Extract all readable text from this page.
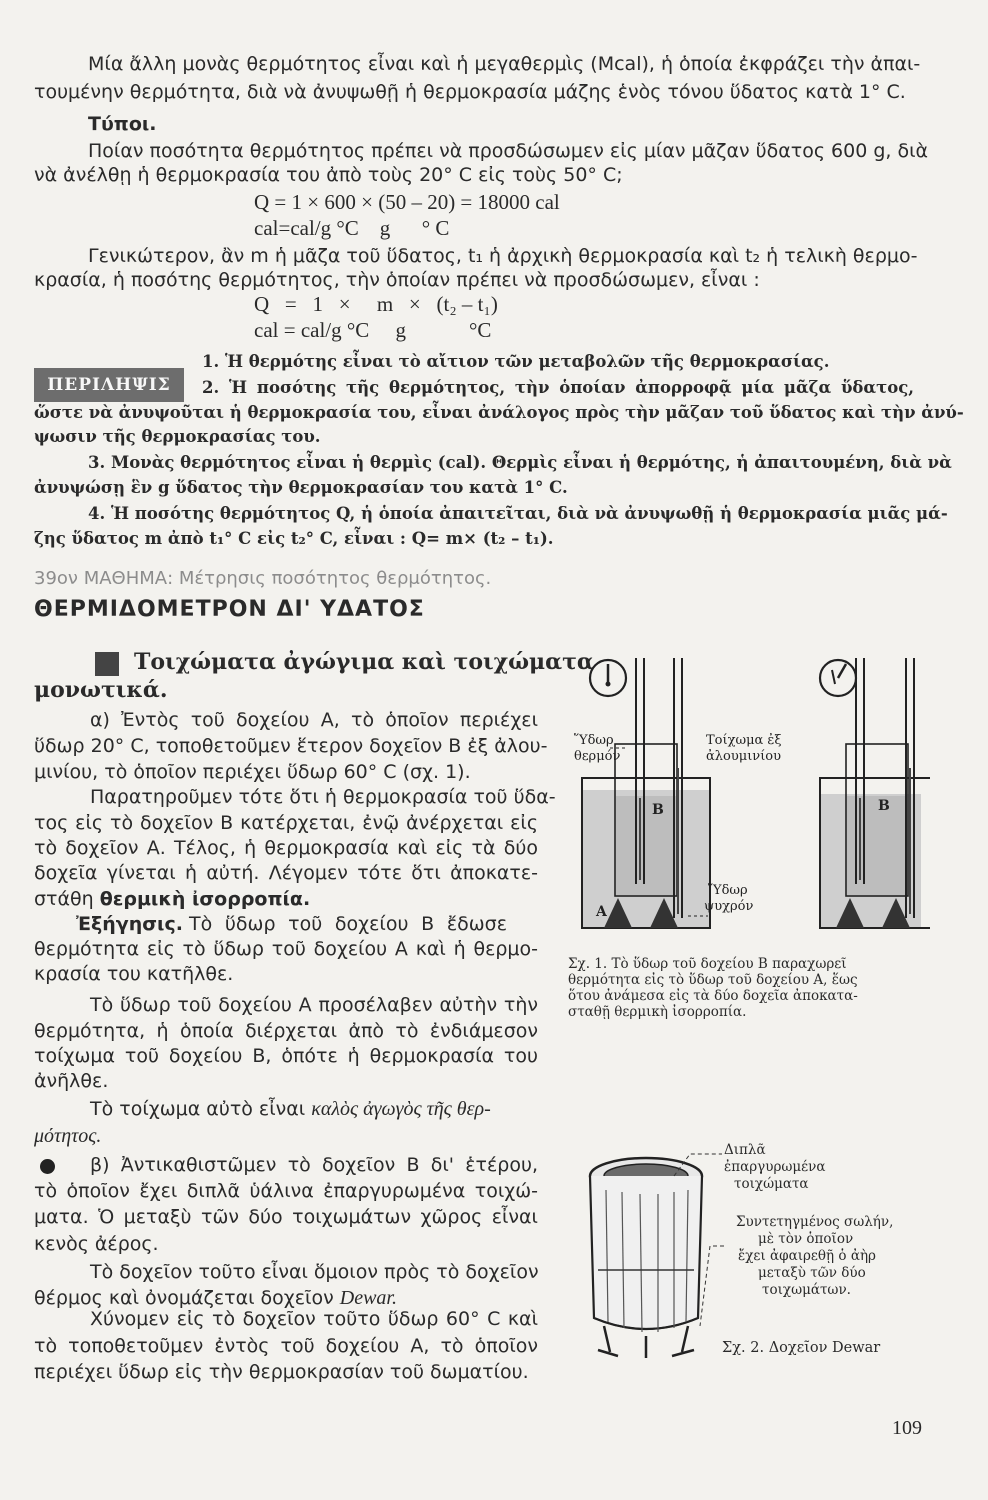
Μία ἄλλη μονὰς θερμότητος εἶναι καὶ ἡ μεγαθερμὶς (Mcal), ἡ ὁποία ἐκφράζει τὴν ἀπαι-
τουμένην θερμότητα, διὰ νὰ ἀνυψωθῇ ἡ θερμοκρασία μάζης ἑνὸς τόνου ὕδατος κατὰ 1° C.
Τύποι.
Ποίαν ποσότητα θερμότητος πρέπει νὰ προσδώσωμεν εἰς μίαν μᾶζαν ὕδατος 600 g, διὰ
νὰ ἀνέλθῃ ἡ θερμοκρασία του ἀπὸ τοὺς 20° C εἰς τοὺς 50° C;
Q = 1 × 600 × (50 – 20) = 18000 cal
cal=cal/g °C    g      ° C
Γενικώτερον, ἂν m ἡ μᾶζα τοῦ ὕδατος, t₁ ἡ ἀρχικὴ θερμοκρασία καὶ t₂ ἡ τελικὴ θερμο-
κρασία, ἡ ποσότης θερμότητος, τὴν ὁποίαν πρέπει νὰ προσδώσωμεν, εἶναι :
Q   =   1   ×     m   ×   (t₂ – t₁)
cal = cal/g °C     g            °C
ΠΕΡΙΛΗΨΙΣ
1. Ἡ θερμότης εἶναι τὸ αἴτιον τῶν μεταβολῶν τῆς θερμοκρασίας.
2. Ἡ ποσότης τῆς θερμότητος, τὴν ὁποίαν ἀπορροφᾷ μία μᾶζα ὕδατος,
ὥστε νὰ ἀνυψοῦται ἡ θερμοκρασία του, εἶναι ἀνάλογος πρὸς τὴν μᾶζαν τοῦ ὕδατος καὶ τὴν ἀνύ-
ψωσιν τῆς θερμοκρασίας του.
3. Μονὰς θερμότητος εἶναι ἡ θερμὶς (cal). Θερμὶς εἶναι ἡ θερμότης, ἡ ἀπαιτουμένη, διὰ νὰ
ἀνυψώσῃ ἓν g ὕδατος τὴν θερμοκρασίαν του κατὰ 1° C.
4. Ἡ ποσότης θερμότητος Q, ἡ ὁποία ἀπαιτεῖται, διὰ νὰ ἀνυψωθῇ ἡ θερμοκρασία μιᾶς μά-
ζης ὕδατος m ἀπὸ t₁° C εἰς t₂° C, εἶναι : Q= m× (t₂ – t₁).
39ον ΜΑΘΗΜΑ: Μέτρησις ποσότητος θερμότητος.
ΘΕΡΜΙΔΟΜΕΤΡΟΝ ΔΙ' ΥΔΑΤΟΣ
Τοιχώματα ἀγώγιμα καὶ τοιχώματα
μονωτικά.
α) Ἐντὸς τοῦ δοχείου Α, τὸ ὁποῖον περιέχει
ὕδωρ 20° C, τοποθετοῦμεν ἕτερον δοχεῖον Β ἐξ ἀλου-
μινίου, τὸ ὁποῖον περιέχει ὕδωρ 60° C (σχ. 1).
Παρατηροῦμεν τότε ὅτι ἡ θερμοκρασία τοῦ ὕδα-
τος εἰς τὸ δοχεῖον Β κατέρχεται, ἐνῷ ἀνέρχεται εἰς
τὸ δοχεῖον Α. Τέλος, ἡ θερμοκρασία καὶ εἰς τὰ δύο
δοχεῖα γίνεται ἡ αὐτή. Λέγομεν τότε ὅτι ἀποκατε-
στάθη θερμικὴ ἰσορροπία.
Ἐξήγησις. Τὸ ὕδωρ τοῦ δοχείου Β ἔδωσε
θερμότητα εἰς τὸ ὕδωρ τοῦ δοχείου Α καὶ ἡ θερμο-
κρασία του κατῆλθε.
Τὸ ὕδωρ τοῦ δοχείου Α προσέλαβεν αὐτὴν τὴν
θερμότητα, ἡ ὁποία διέρχεται ἀπὸ τὸ ἐνδιάμεσον
τοίχωμα τοῦ δοχείου Β, ὁπότε ἡ θερμοκρασία του
ἀνῆλθε.
Τὸ τοίχωμα αὐτὸ εἶναι καλὸς ἀγωγὸς τῆς θερ-
μότητος.
β) Ἀντικαθιστῶμεν τὸ δοχεῖον Β δι' ἑτέρου,
τὸ ὁποῖον ἔχει διπλᾶ ὑάλινα ἐπαργυρωμένα τοιχώ-
ματα. Ὁ μεταξὺ τῶν δύο τοιχωμάτων χῶρος εἶναι
κενὸς ἀέρος.
Τὸ δοχεῖον τοῦτο εἶναι ὅμοιον πρὸς τὸ δοχεῖον
θέρμος καὶ ὀνομάζεται δοχεῖον Dewar.
Χύνομεν εἰς τὸ δοχεῖον τοῦτο ὕδωρ 60° C καὶ
τὸ τοποθετοῦμεν ἐντὸς τοῦ δοχείου Α, τὸ ὁποῖον
περιέχει ὕδωρ εἰς τὴν θερμοκρασίαν τοῦ δωματίου.
A
B	B
Ὕδωρ
θερμόν
Τοίχωμα ἐξ
ἀλουμινίου
Ὕδωρ
ψυχρόν
Σχ. 1. Τὸ ὕδωρ τοῦ δοχείου Β παραχωρεῖ
θερμότητα εἰς τὸ ὕδωρ τοῦ δοχείου Α, ἕως
ὅτου ἀνάμεσα εἰς τὰ δύο δοχεῖα ἀποκατα-
σταθῇ θερμικὴ ἰσορροπία.
Διπλᾶ
ἐπαργυρωμένα
τοιχώματα
Συντετηγμένος σωλήν,
μὲ τὸν ὁποῖον
ἔχει ἀφαιρεθῇ ὁ ἀὴρ
μεταξὺ τῶν δύο
τοιχωμάτων.
Σχ. 2. Δοχεῖον Dewar
109
